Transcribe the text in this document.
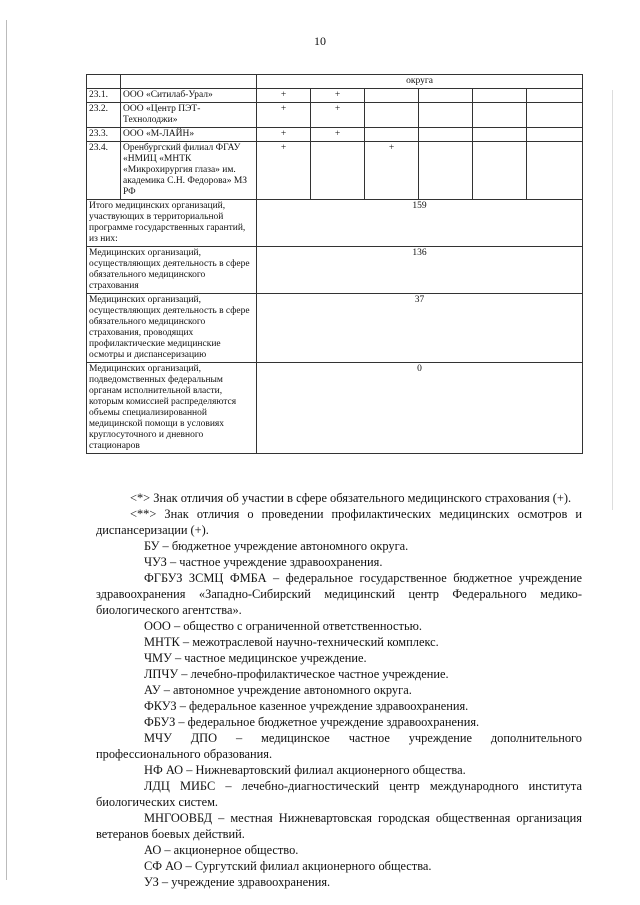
10
		округа					
23.1.	ООО «Ситилаб-Урал»	+	+				
23.2.	ООО «Центр ПЭТ-Технолоджи»	+	+				
23.3.	ООО «М-ЛАЙН»	+	+				
23.4.	Оренбургский филиал ФГАУ «НМИЦ «МНТК «Микрохирургия глаза» им. академика С.Н. Федорова» МЗ РФ	+		+			
Итого медицинских организаций, участвующих в территориальной программе государственных гарантий, из них:		159					
Медицинских организаций, осуществляющих деятельность в сфере обязательного медицинского страхования		136					
Медицинских организаций, осуществляющих деятельность в сфере обязательного медицинского страхования, проводящих профилактические медицинские осмотры и диспансеризацию		37					
Медицинских организаций, подведомственных федеральным органам исполнительной власти, которым комиссией распределяются объемы специализированной медицинской помощи в условиях круглосуточного и дневного стационаров		0					

<*> Знак отличия об участии в сфере обязательного медицинского страхования (+).

<**> Знак отличия о проведении профилактических медицинских осмотров и диспансеризации (+).

БУ – бюджетное учреждение автономного округа.

ЧУЗ – частное учреждение здравоохранения.

ФГБУЗ ЗСМЦ ФМБА – федеральное государственное бюджетное учреждение здравоохранения «Западно-Сибирский медицинский центр Федерального медико-биологического агентства».

ООО – общество с ограниченной ответственностью.

МНТК – межотраслевой научно-технический комплекс.

ЧМУ – частное медицинское учреждение.

ЛПЧУ – лечебно-профилактическое частное учреждение.

АУ – автономное учреждение автономного округа.

ФКУЗ – федеральное казенное учреждение здравоохранения.

ФБУЗ – федеральное бюджетное учреждение здравоохранения.

МЧУ ДПО – медицинское частное учреждение дополнительного профессионального образования.

НФ АО – Нижневартовский филиал акционерного общества.

ЛДЦ МИБС – лечебно-диагностический центр международного института биологических систем.

МНГООВБД – местная Нижневартовская городская общественная организация ветеранов боевых действий.

АО – акционерное общество.

СФ АО – Сургутский филиал акционерного общества.

УЗ – учреждение здравоохранения.
